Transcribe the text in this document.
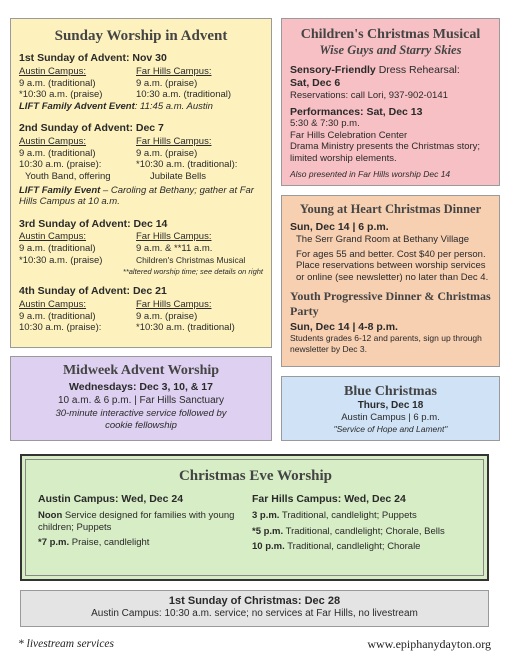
Sunday Worship in Advent
1st Sunday of Advent: Nov 30
Austin Campus:
9 a.m. (traditional)
*10:30 a.m. (praise)
Far Hills Campus:
9 a.m. (praise)
10:30 a.m. (traditional)
LIFT Family Advent Event: 11:45 a.m. Austin
2nd Sunday of Advent: Dec 7
Austin Campus:
9 a.m. (traditional)
10:30 a.m. (praise):
Youth Band, offering
Far Hills Campus:
9 a.m. (praise)
*10:30 a.m. (traditional):
Jubilate Bells
LIFT Family Event – Caroling at Bethany; gather at Far Hills Campus at 10 a.m.
3rd Sunday of Advent: Dec 14
Austin Campus:
9 a.m. (traditional)
*10:30 a.m. (praise)
Far Hills Campus:
9 a.m. & **11 a.m.
Children's Christmas Musical
**altered worship time; see details on right
4th Sunday of Advent: Dec 21
Austin Campus:
9 a.m. (traditional)
10:30 a.m. (praise):
Far Hills Campus:
9 a.m. (praise)
*10:30 a.m. (traditional)
Children's Christmas Musical
Wise Guys and Starry Skies
Sensory-Friendly Dress Rehearsal:
Sat, Dec 6
Reservations: call Lori, 937-902-0141
Performances: Sat, Dec 13
5:30 & 7:30 p.m.
Far Hills Celebration Center
Drama Ministry presents the Christmas story; limited worship elements.
Also presented in Far Hills worship Dec 14
Young at Heart Christmas Dinner
Sun, Dec 14 | 6 p.m.
The Serr Grand Room at Bethany Village
For ages 55 and better. Cost $40 per person. Place reservations between worship services or online (see newsletter) no later than Dec 4.
Youth Progressive Dinner & Christmas Party
Sun, Dec 14 | 4-8 p.m.
Students grades 6-12 and parents, sign up through newsletter by Dec 3.
Midweek Advent Worship
Wednesdays: Dec 3, 10, & 17
10 a.m. & 6 p.m. | Far Hills Sanctuary
30-minute interactive service followed by cookie fellowship
Blue Christmas
Thurs, Dec 18
Austin Campus | 6 p.m.
"Service of Hope and Lament"
Christmas Eve Worship
Austin Campus: Wed, Dec 24
Noon Service designed for families with young children; Puppets
*7 p.m. Praise, candlelight
Far Hills Campus: Wed, Dec 24
3 p.m. Traditional, candlelight; Puppets
*5 p.m. Traditional, candlelight; Chorale, Bells
10 p.m. Traditional, candlelight; Chorale
1st Sunday of Christmas: Dec 28
Austin Campus: 10:30 a.m. service; no services at Far Hills, no livestream
* livestream services	www.epiphanydayton.org
